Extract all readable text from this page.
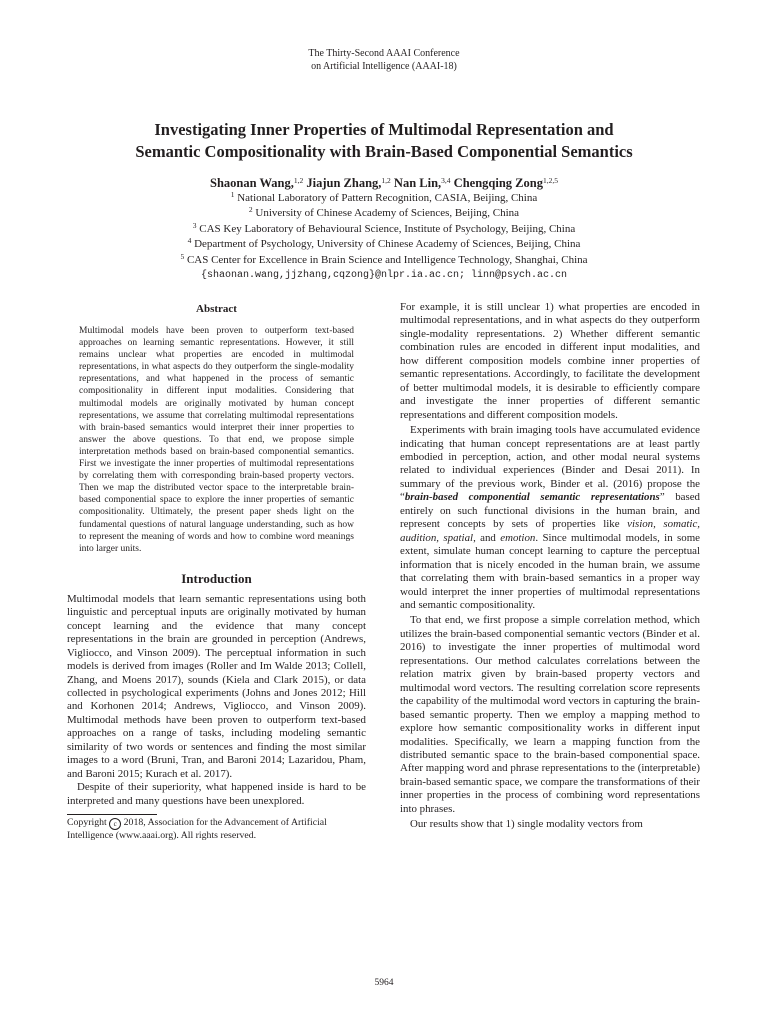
The Thirty-Second AAAI Conference
on Artificial Intelligence (AAAI-18)
Investigating Inner Properties of Multimodal Representation and
Semantic Compositionality with Brain-Based Componential Semantics
Shaonan Wang,$^{1,2}$ Jiajun Zhang,$^{1,2}$ Nan Lin,$^{3,4}$ Chengqing Zong$^{1,2,5}$
$^1$ National Laboratory of Pattern Recognition, CASIA, Beijing, China
$^2$ University of Chinese Academy of Sciences, Beijing, China
$^3$ CAS Key Laboratory of Behavioural Science, Institute of Psychology, Beijing, China
$^4$ Department of Psychology, University of Chinese Academy of Sciences, Beijing, China
$^5$ CAS Center for Excellence in Brain Science and Intelligence Technology, Shanghai, China
{shaonan.wang,jjzhang,cqzong}@nlpr.ia.ac.cn; linn@psych.ac.cn
Abstract
Multimodal models have been proven to outperform text-based approaches on learning semantic representations. However, it still remains unclear what properties are encoded in multimodal representations, in what aspects do they outperform the single-modality representations, and what happened in the process of semantic compositionality in different input modalities. Considering that multimodal models are originally motivated by human concept representations, we assume that correlating multimodal representations with brain-based semantics would interpret their inner properties to answer the above questions. To that end, we propose simple interpretation methods based on brain-based componential semantics. First we investigate the inner properties of multimodal representations by correlating them with corresponding brain-based property vectors. Then we map the distributed vector space to the interpretable brain-based componential space to explore the inner properties of semantic compositionality. Ultimately, the present paper sheds light on the fundamental questions of natural language understanding, such as how to represent the meaning of words and how to combine word meanings into larger units.
Introduction

Multimodal models that learn semantic representations using both linguistic and perceptual inputs are originally motivated by human concept learning and the evidence that many concept representations in the brain are grounded in perception (Andrews, Vigliocco, and Vinson 2009). The perceptual information in such models is derived from images (Roller and Im Walde 2013; Collell, Zhang, and Moens 2017), sounds (Kiela and Clark 2015), or data collected in psychological experiments (Johns and Jones 2012; Hill and Korhonen 2014; Andrews, Vigliocco, and Vinson 2009). Multimodal methods have been proven to outperform text-based approaches on a range of tasks, including modeling semantic similarity of two words or sentences and finding the most similar images to a word (Bruni, Tran, and Baroni 2014; Lazaridou, Pham, and Baroni 2015; Kurach et al. 2017).

Despite of their superiority, what happened inside is hard to be interpreted and many questions have been unexplored.

Copyright c 2018, Association for the Advancement of Artificial Intelligence (www.aaai.org). All rights reserved.

For example, it is still unclear 1) what properties are encoded in multimodal representations, and in what aspects do they outperform single-modality representations. 2) Whether different semantic combination rules are encoded in different input modalities, and how different composition models combine inner properties of semantic representations. Accordingly, to facilitate the development of better multimodal models, it is desirable to efficiently compare and investigate the inner properties of different semantic representations and different composition models.

Experiments with brain imaging tools have accumulated evidence indicating that human concept representations are at least partly embodied in perception, action, and other modal neural systems related to individual experiences (Binder and Desai 2011). In summary of the previous work, Binder et al. (2016) propose the “brain-based componential semantic representations” based entirely on such functional divisions in the human brain, and represent concepts by sets of properties like vision, somatic, audition, spatial, and emotion. Since multimodal models, in some extent, simulate human concept learning to capture the perceptual information that is nicely encoded in the human brain, we assume that correlating them with brain-based semantics in a proper way would interpret the inner properties of multimodal representations and semantic compositionality.

To that end, we first propose a simple correlation method, which utilizes the brain-based componential semantic vectors (Binder et al. 2016) to investigate the inner properties of multimodal word representations. Our method calculates correlations between the relation matrix given by brain-based property vectors and multimodal word vectors. The resulting correlation score represents the capability of the multimodal word vectors in capturing the brain-based semantic property. Then we employ a mapping method to explore how semantic compositionality works in different input modalities. Specifically, we learn a mapping function from the distributed semantic space to the brain-based componential space. After mapping word and phrase representations to the (interpretable) brain-based semantic space, we compare the transformations of their inner properties in the process of combining word representations into phrases.

Our results show that 1) single modality vectors from

5964
